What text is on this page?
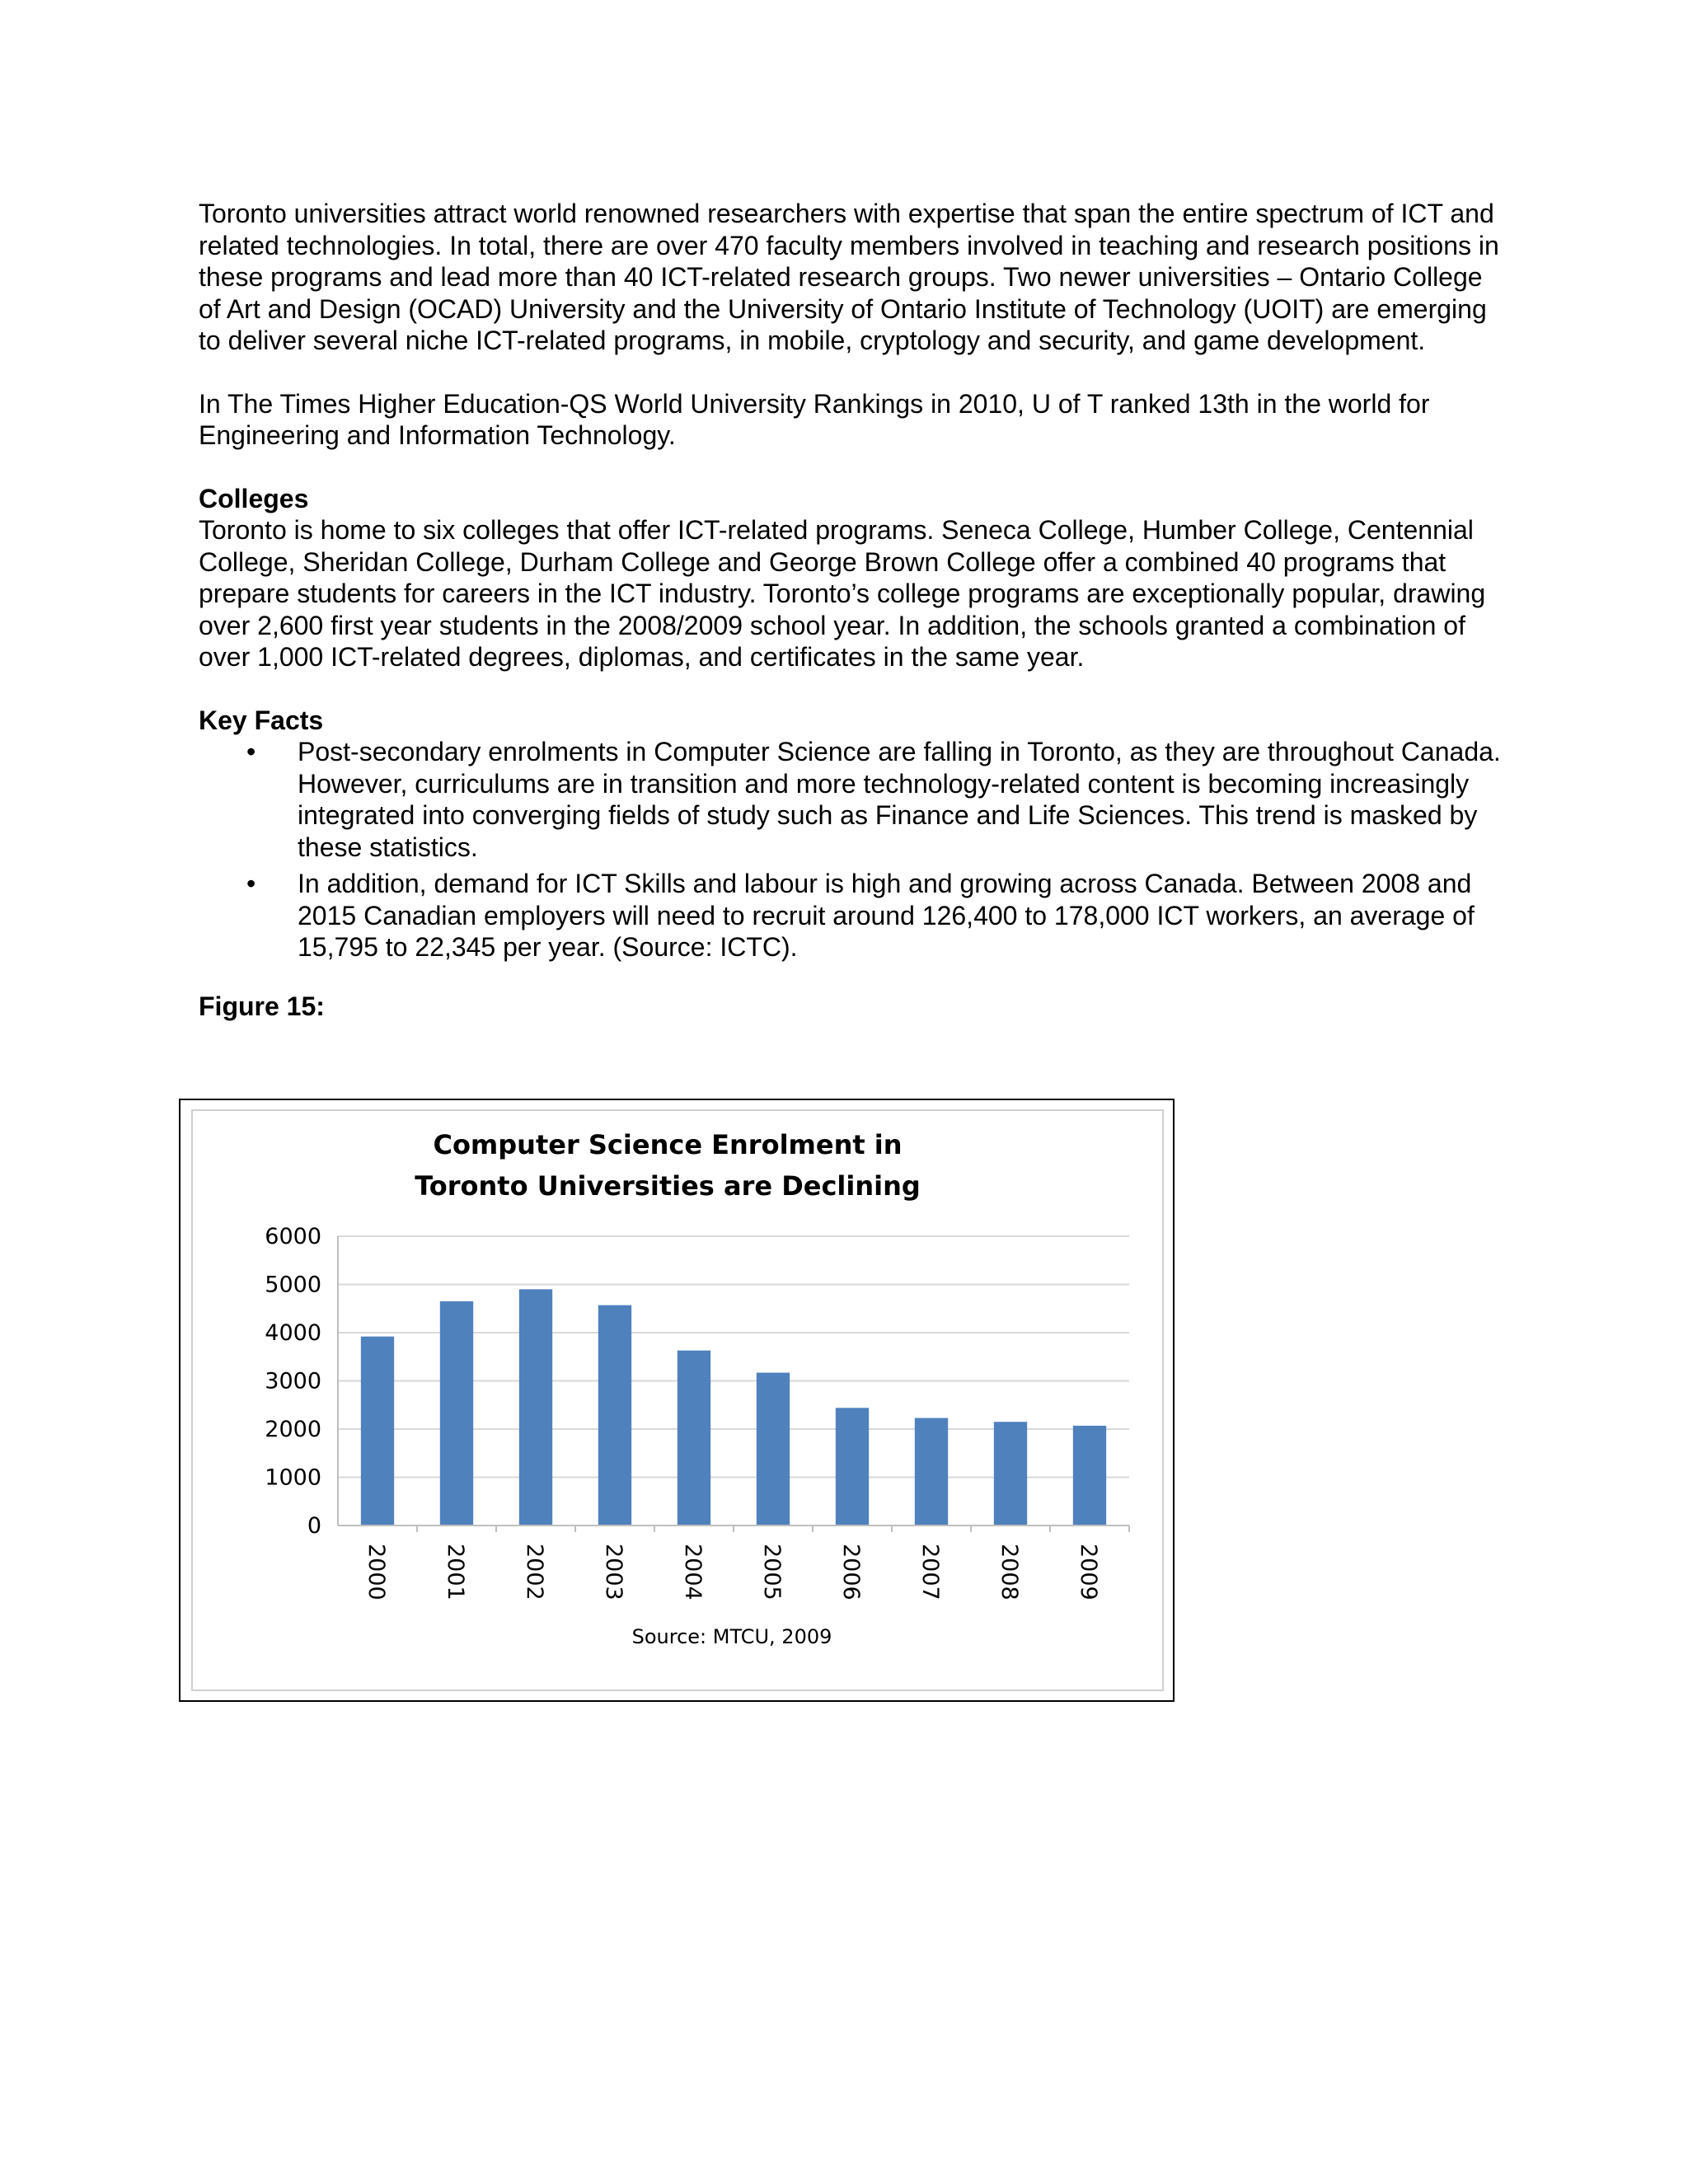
Toronto universities attract world renowned researchers with expertise that span the entire spectrum of ICT and related technologies. In total, there are over 470 faculty members involved in teaching and research positions in these programs and lead more than 40 ICT-related research groups. Two newer universities – Ontario College of Art and Design (OCAD) University and the University of Ontario Institute of Technology (UOIT) are emerging to deliver several niche ICT-related programs, in mobile, cryptology and security, and game development.

In The Times Higher Education-QS World University Rankings in 2010, U of T ranked 13th in the world for Engineering and Information Technology.

Colleges

Toronto is home to six colleges that offer ICT-related programs. Seneca College, Humber College, Centennial College, Sheridan College, Durham College and George Brown College offer a combined 40 programs that prepare students for careers in the ICT industry. Toronto’s college programs are exceptionally popular, drawing over 2,600 first year students in the 2008/2009 school year. In addition, the schools granted a combination of over 1,000 ICT-related degrees, diplomas, and certificates in the same year.

Key Facts

• Post-secondary enrolments in Computer Science are falling in Toronto, as they are throughout Canada. However, curriculums are in transition and more technology-related content is becoming increasingly integrated into converging fields of study such as Finance and Life Sciences. This trend is masked by these statistics.
• In addition, demand for ICT Skills and labour is high and growing across Canada. Between 2008 and 2015 Canadian employers will need to recruit around 126,400 to 178,000 ICT workers, an average of 15,795 to 22,345 per year. (Source: ICTC).

Figure 15:

Computer Science Enrolment in
Toronto Universities are Declining
0
1000
2000
3000
4000
5000
6000
2000 2001 2002 2003 2004 2005 2006 2007 2008 2009
Source: MTCU, 2009
